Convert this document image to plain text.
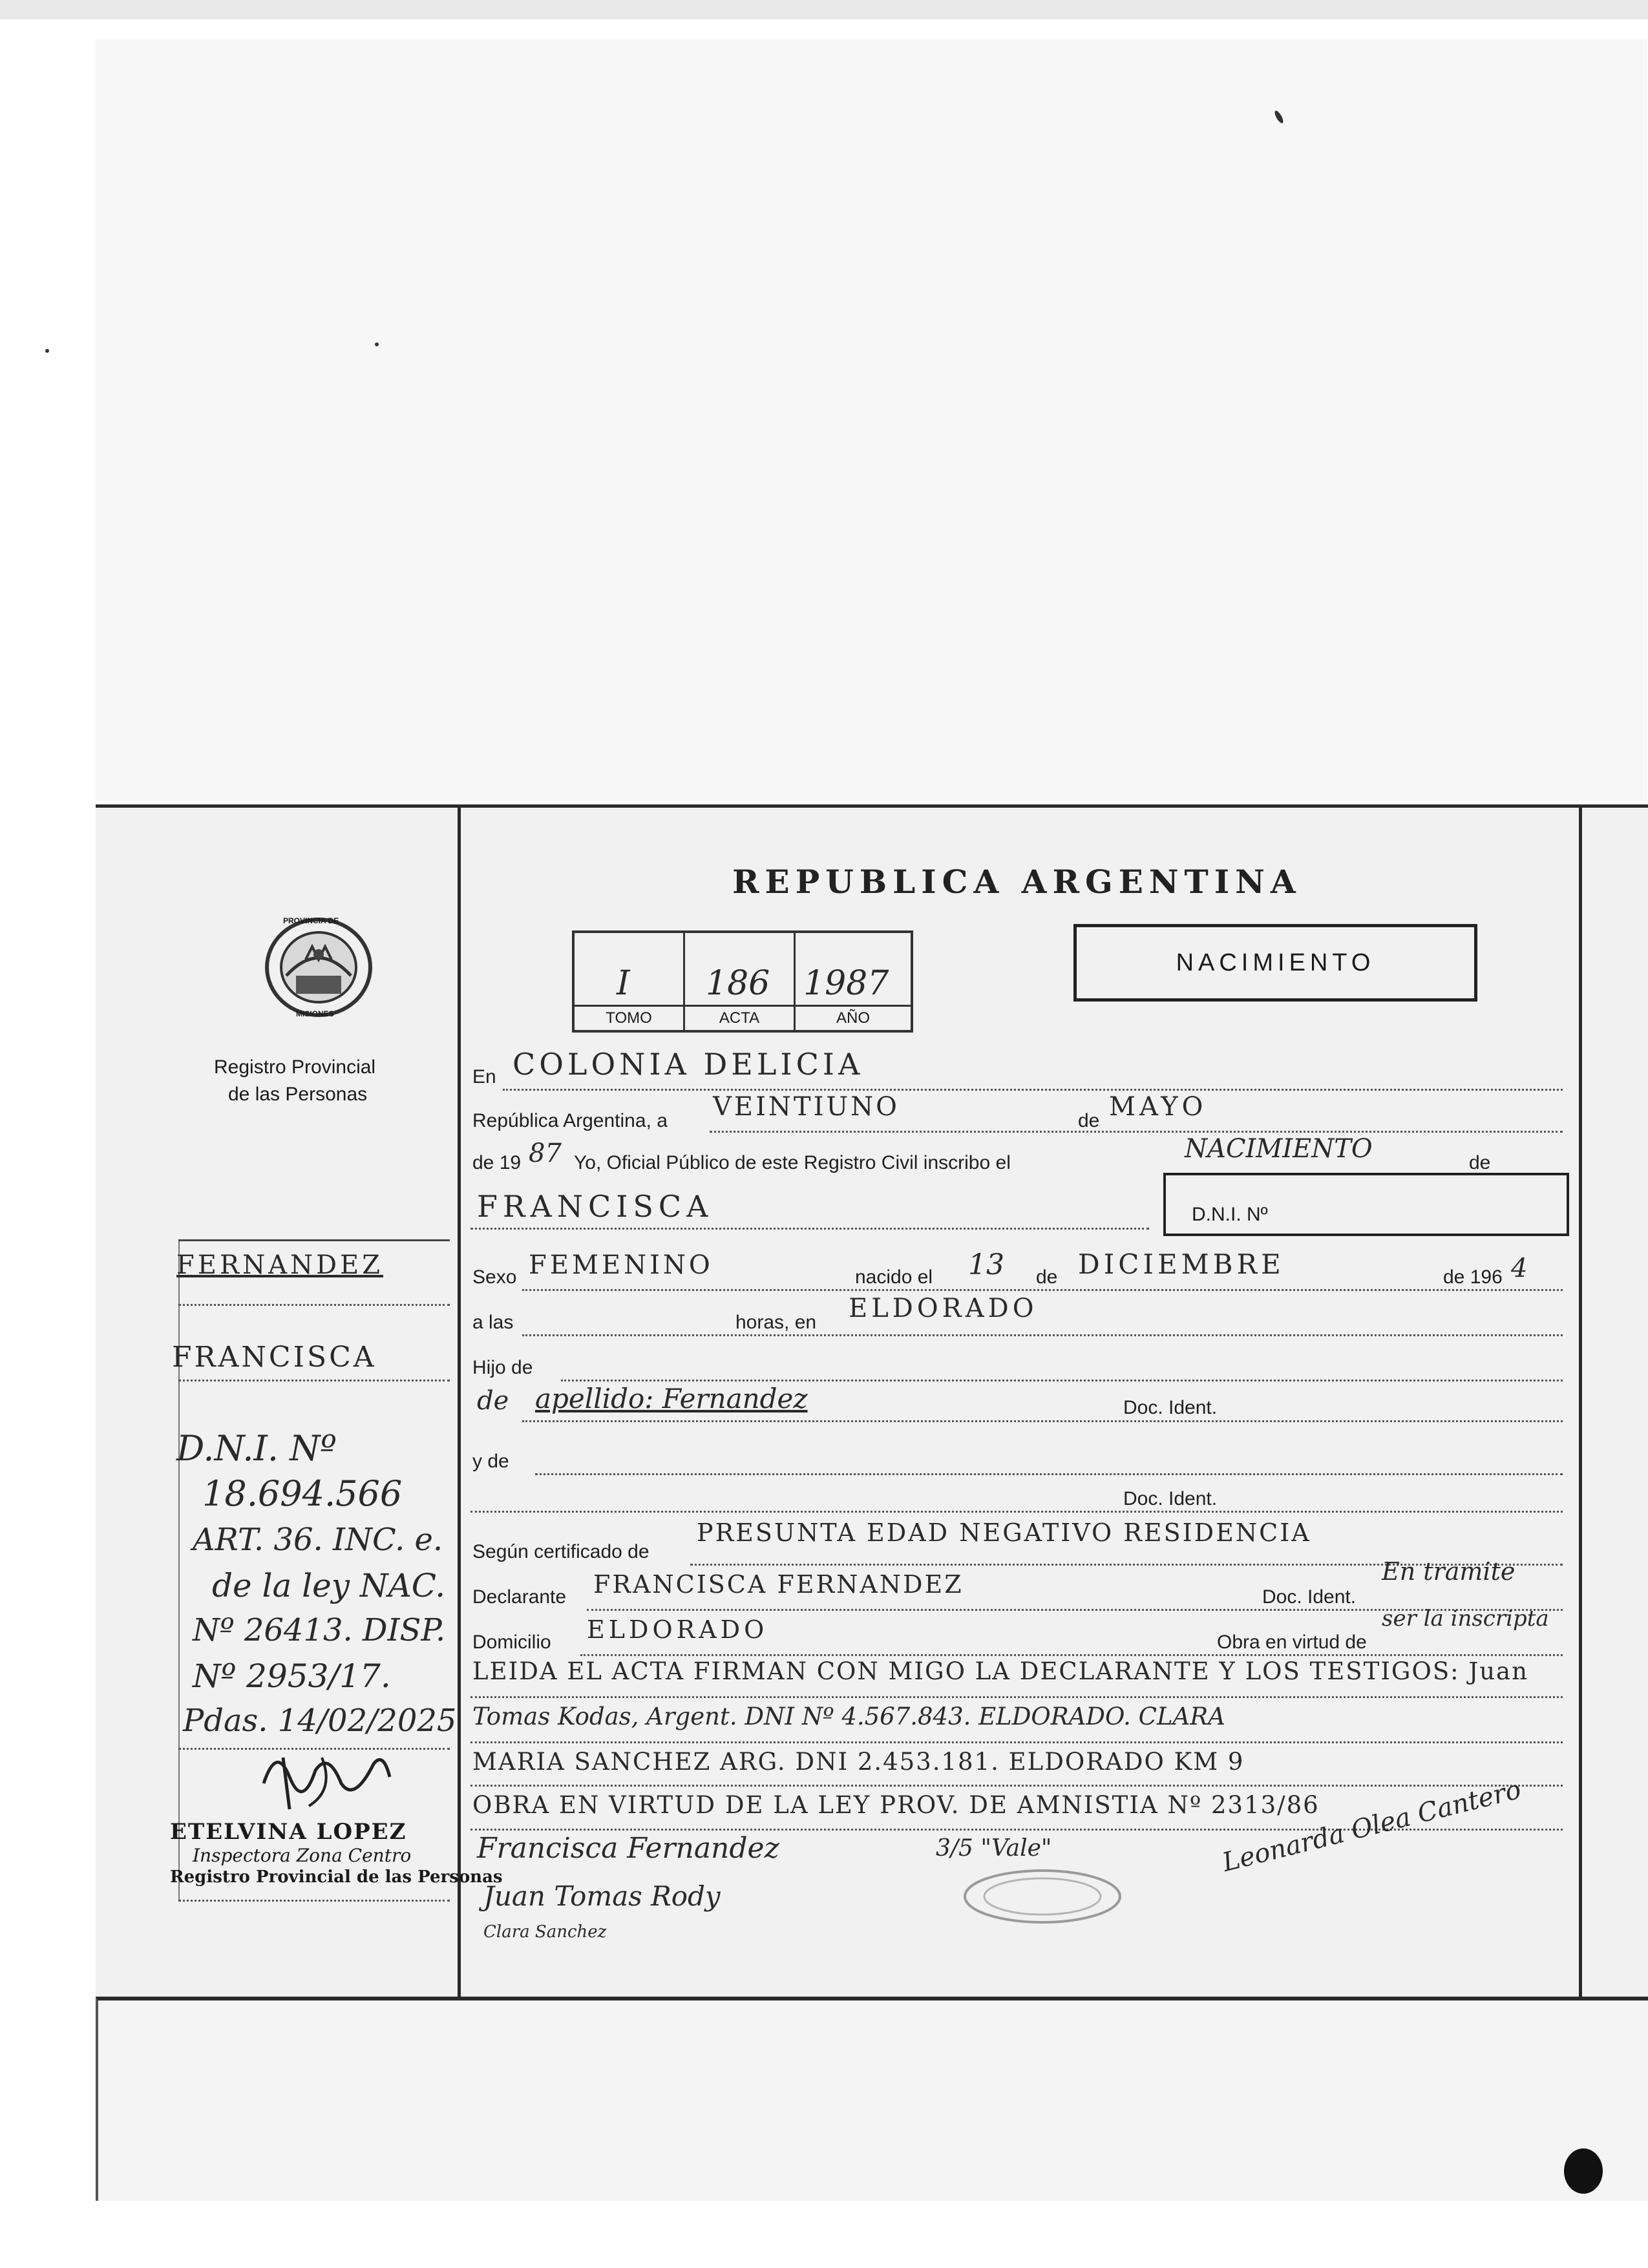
REPUBLICA ARGENTINA
I
TOMO
186
ACTA
1987
AÑO
NACIMIENTO
PROVINCIA DE
MISIONES
Registro Provincial
de las Personas
FERNANDEZ
FRANCISCA
D.N.I. Nº
18.694.566
ART. 36. INC. e.
de la ley NAC.
Nº 26413. DISP.
Nº 2953/17.
Pdas. 14/02/2025
ETELVINA LOPEZ
Inspectora Zona Centro
Registro Provincial de las Personas
En COLONIA DELICIA
República Argentina, a VEINTIUNO	de MAYO
de 19 87 Yo, Oficial Público de este Registro Civil inscribo el	NACIMIENTO	de
FRANCISCA	D.N.I. Nº
Sexo FEMENINO	nacido el 13 de DICIEMBRE	de 196 4
a las	horas, en ELDORADO
Hijo de
de apellido: Fernandez	Doc. Ident.
y de
Doc. Ident.
Según certificado de
PRESUNTA EDAD NEGATIVO RESIDENCIA
Declarante FRANCISCA FERNANDEZ	Doc. Ident.
En tramite
Domicilio ELDORADO	Obra en virtud de
ser la inscripta
LEIDA EL ACTA FIRMAN CON MIGO LA DECLARANTE Y LOS TESTIGOS: Juan
Tomas Kodas, Argent. DNI Nº 4.567.843. ELDORADO. CLARA
MARIA SANCHEZ ARG. DNI 2.453.181. ELDORADO KM 9
OBRA EN VIRTUD DE LA LEY PROV. DE AMNISTIA Nº 2313/86
Francisca Fernandez	3/5 "Vale"
Juan Tomas Rody
Clara Sanchez
Leonarda Olea Cantero
